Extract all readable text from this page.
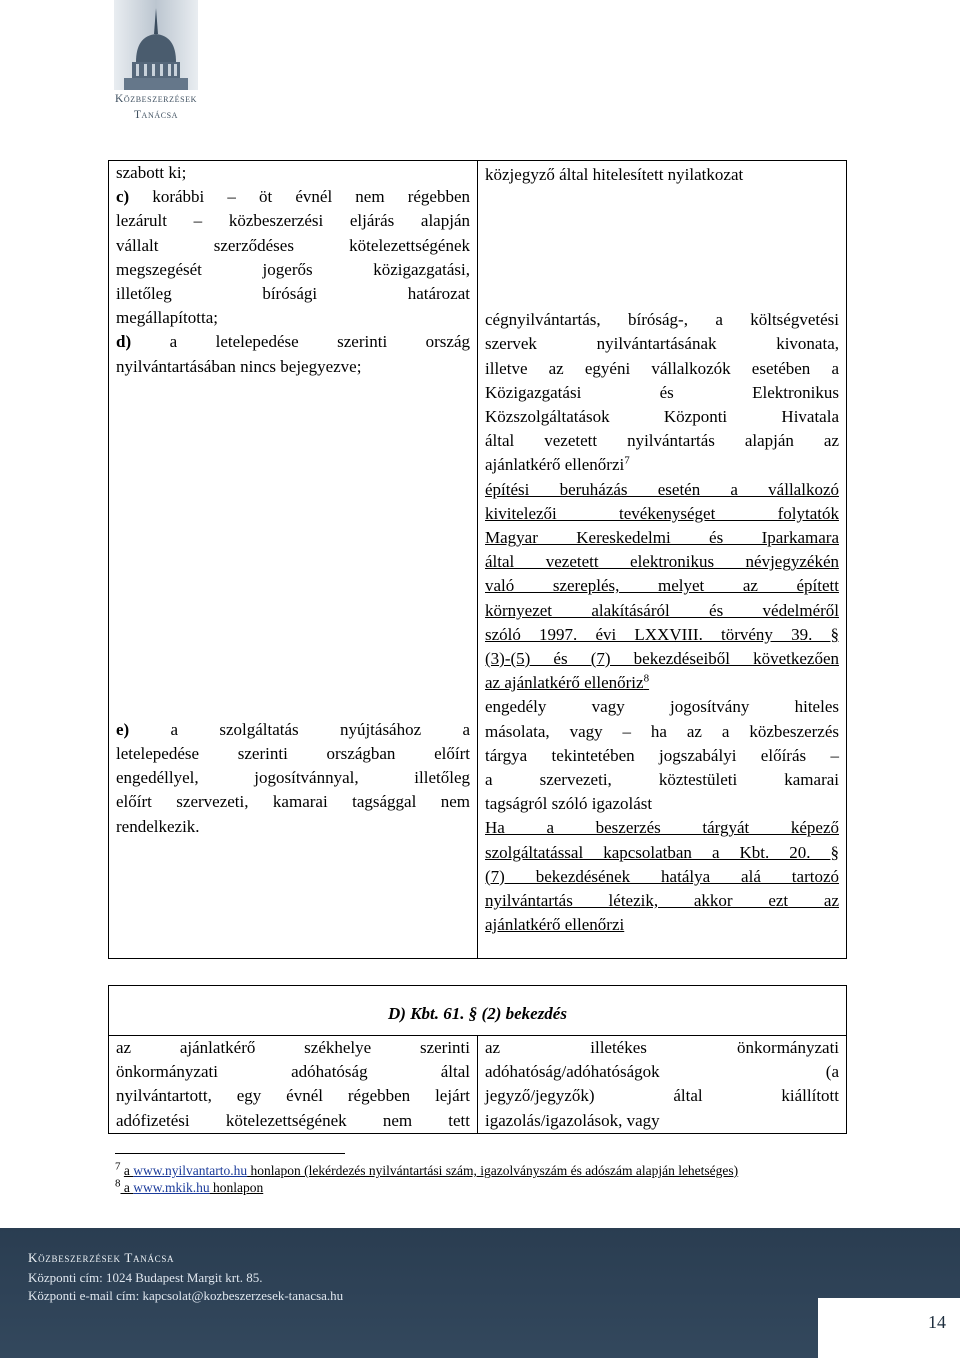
Közbeszerzések
Tanácsa
szabott ki;
c) korábbi – öt évnél nem régebben
lezárult – közbeszerzési eljárás alapján
vállalt szerződéses kötelezettségének
megszegését jogerős közigazgatási,
illetőleg bírósági határozat
megállapította;
d) a letelepedése szerinti ország
nyilvántartásában nincs bejegyezve;
e) a szolgáltatás nyújtásához a
letelepedése szerinti országban előírt
engedéllyel, jogosítvánnyal, illetőleg
előírt szervezeti, kamarai tagsággal nem
rendelkezik.

közjegyző által hitelesített nyilatkozat
cégnyilvántartás, bíróság-, a költségvetési
szervek nyilvántartásának kivonata,
illetve az egyéni vállalkozók esetében a
Közigazgatási és Elektronikus
Közszolgáltatások Központi Hivatala
által vezetett nyilvántartás alapján az
ajánlatkérő ellenőrzi$^7$
építési beruházás esetén a vállalkozó
kivitelezői tevékenységet folytatók
Magyar Kereskedelmi és Iparkamara
által vezetett elektronikus névjegyzékén
való szereplés, melyet az épített
környezet alakításáról és védelméről
szóló 1997. évi LXXVIII. törvény 39. §
(3)-(5) és (7) bekezdéseiből következően
az ajánlatkérő ellenőriz$^8$
engedély vagy jogosítvány hiteles
másolata, vagy – ha az a közbeszerzés
tárgya tekintetében jogszabályi előírás –
a szervezeti, köztestületi kamarai
tagságról szóló igazolást
Ha a beszerzés tárgyát képező
szolgáltatással kapcsolatban a Kbt. 20. §
(7) bekezdésének hatálya alá tartozó
nyilvántartás létezik, akkor ezt az
ajánlatkérő ellenőrzi
D) Kbt. 61. § (2) bekezdés

az ajánlatkérő székhelye szerinti
önkormányzati adóhatóság által
nyilvántartott, egy évnél régebben lejárt
adófizetési kötelezettségének nem tett

az illetékes önkormányzati
adóhatóság/adóhatóságok (a
jegyző/jegyzők) által kiállított
igazolás/igazolások, vagy
$^7$ a www.nyilvantarto.hu honlapon (lekérdezés nyilvántartási szám, igazolványszám és adószám alapján lehetséges)
$^8$ a www.mkik.hu honlapon
Közbeszerzések Tanácsa
Központi cím: 1024 Budapest Margit krt. 85.
Központi e-mail cím: kapcsolat@kozbeszerzesek-tanacsa.hu
14
